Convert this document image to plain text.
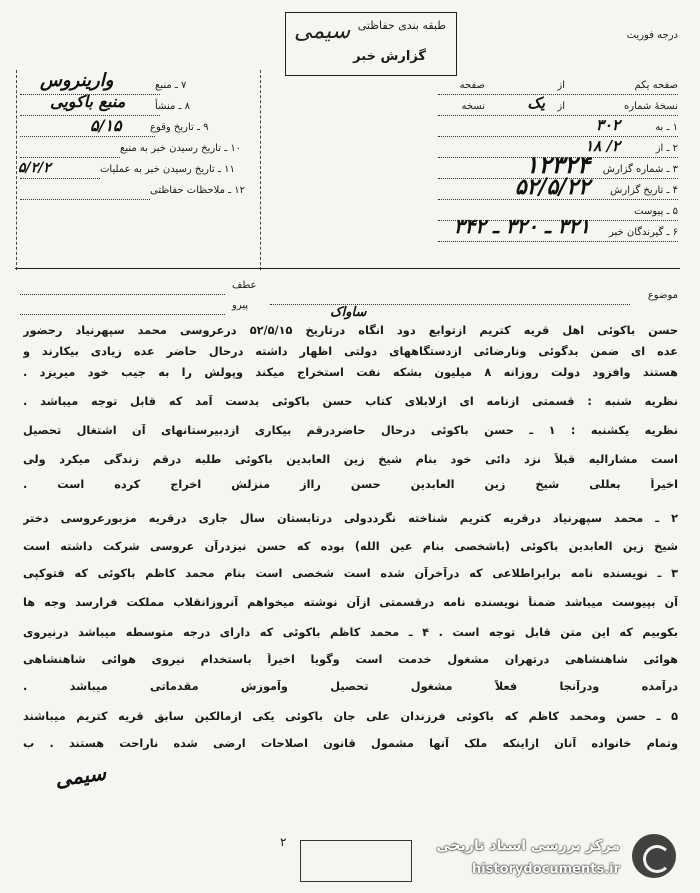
سیمی طبقه بندی حفاظتی
گزارش خبر
درجه فوریت
۷ ـ منبع
وارینروس
۸ ـ منشأ
منبع باکویی
۹ ـ تاریخ وقوع
۵/۱۵
۱۰ ـ تاریخ رسیدن خبر به منبع
۱۱ ـ تاریخ رسیدن خبر به عملیات
۵/۲/۲
۱۲ ـ ملاحظات حفاظتی
صفحه یکم
از
صفحه
نسخهٔ شماره
از
نسخه	یک
۱ ـ به
۳۰۲
۲ ـ از
۲/ ۱۸
۳ ـ شماره گزارش
۱۲۳۲۴
۴ ـ تاریخ گزارش
۵۲/۵/۲۲
۵ ـ پیوست
۶ ـ گیرندگان خبر
۳۲۱ ـ ۳۲۰ ـ ۳۴۲
عطف
پیرو
موضوع
ساواک
حسن باکوئی اهل قریه کتریم ازتوابع دود انگاه درتاریخ ۵۲/۵/۱۵ درعروسی محمد سپهرنیاد رحضور
عده ای ضمن بدگوئی ونارضائی ازدستگاههای دولتی اظهار داشته درحال حاضر عده زیادی بیکارند و
هستند وافزود دولت روزانه ۸ میلیون بشکه نفت استخراج میکند وپولش را به جیب خود میریزد .
نظریه شنبه : قسمتی ازنامه ای ازلابلای کتاب حسن باکوئی بدست آمد که قابل توجه میباشد .
نظریه یکشنبه : ۱ ـ حسن باکوئی درحال حاضردرقم بیکاری ازدبیرستانهای آن اشتغال تحصیل
است مشارالیه قبلاً نزد دائی خود بنام شیخ زین العابدین باکوئی طلبه درقم زندگی میکرد ولی
اخیراً بعللی شیخ زین العابدین حسن رااز منزلش اخراج کرده است .
۲ ـ محمد سپهرنیاد درقریه کتریم شناخته نگرددولی درتابستان سال جاری درقریه مزبورعروسی دختر
شیخ زین العابدین باکوئی (باشخصی بنام عین الله) بوده که حسن نیزدرآن عروسی شرکت داشته است
۳ ـ نویسنده نامه برابراطلاعی که درآخرآن شده است شخصی است بنام محمد کاظم باکوئی که فتوکپی
آن بپیوست میباشد ضمناً نویسنده نامه درقسمتی ازآن نوشته میخواهم آنروزانقلاب مملکت فرارسد وجه ها
بکوبیم که این متن قابل توجه است . ۴ ـ محمد کاظم باکوئی که دارای درجه متوسطه میباشد درنیروی
هوائی شاهنشاهی درتهران مشغول خدمت است وگویا اخیراً باستخدام نیروی هوائی شاهنشاهی
درآمده ودرآنجا فعلاً مشغول تحصیل وآموزش مقدماتی میباشد .
۵ ـ حسن ومحمد کاظم که باکوئی فرزندان علی جان باکوئی یکی ازمالکین سابق قریه کتریم میباشند
وتمام خانواده آنان ازاینکه ملک آنها مشمول قانون اصلاحات ارضی شده ناراحت هستند . ب
سیمی
۲	مرکز بررسی اسناد تاریخی
historydocuments.ir
